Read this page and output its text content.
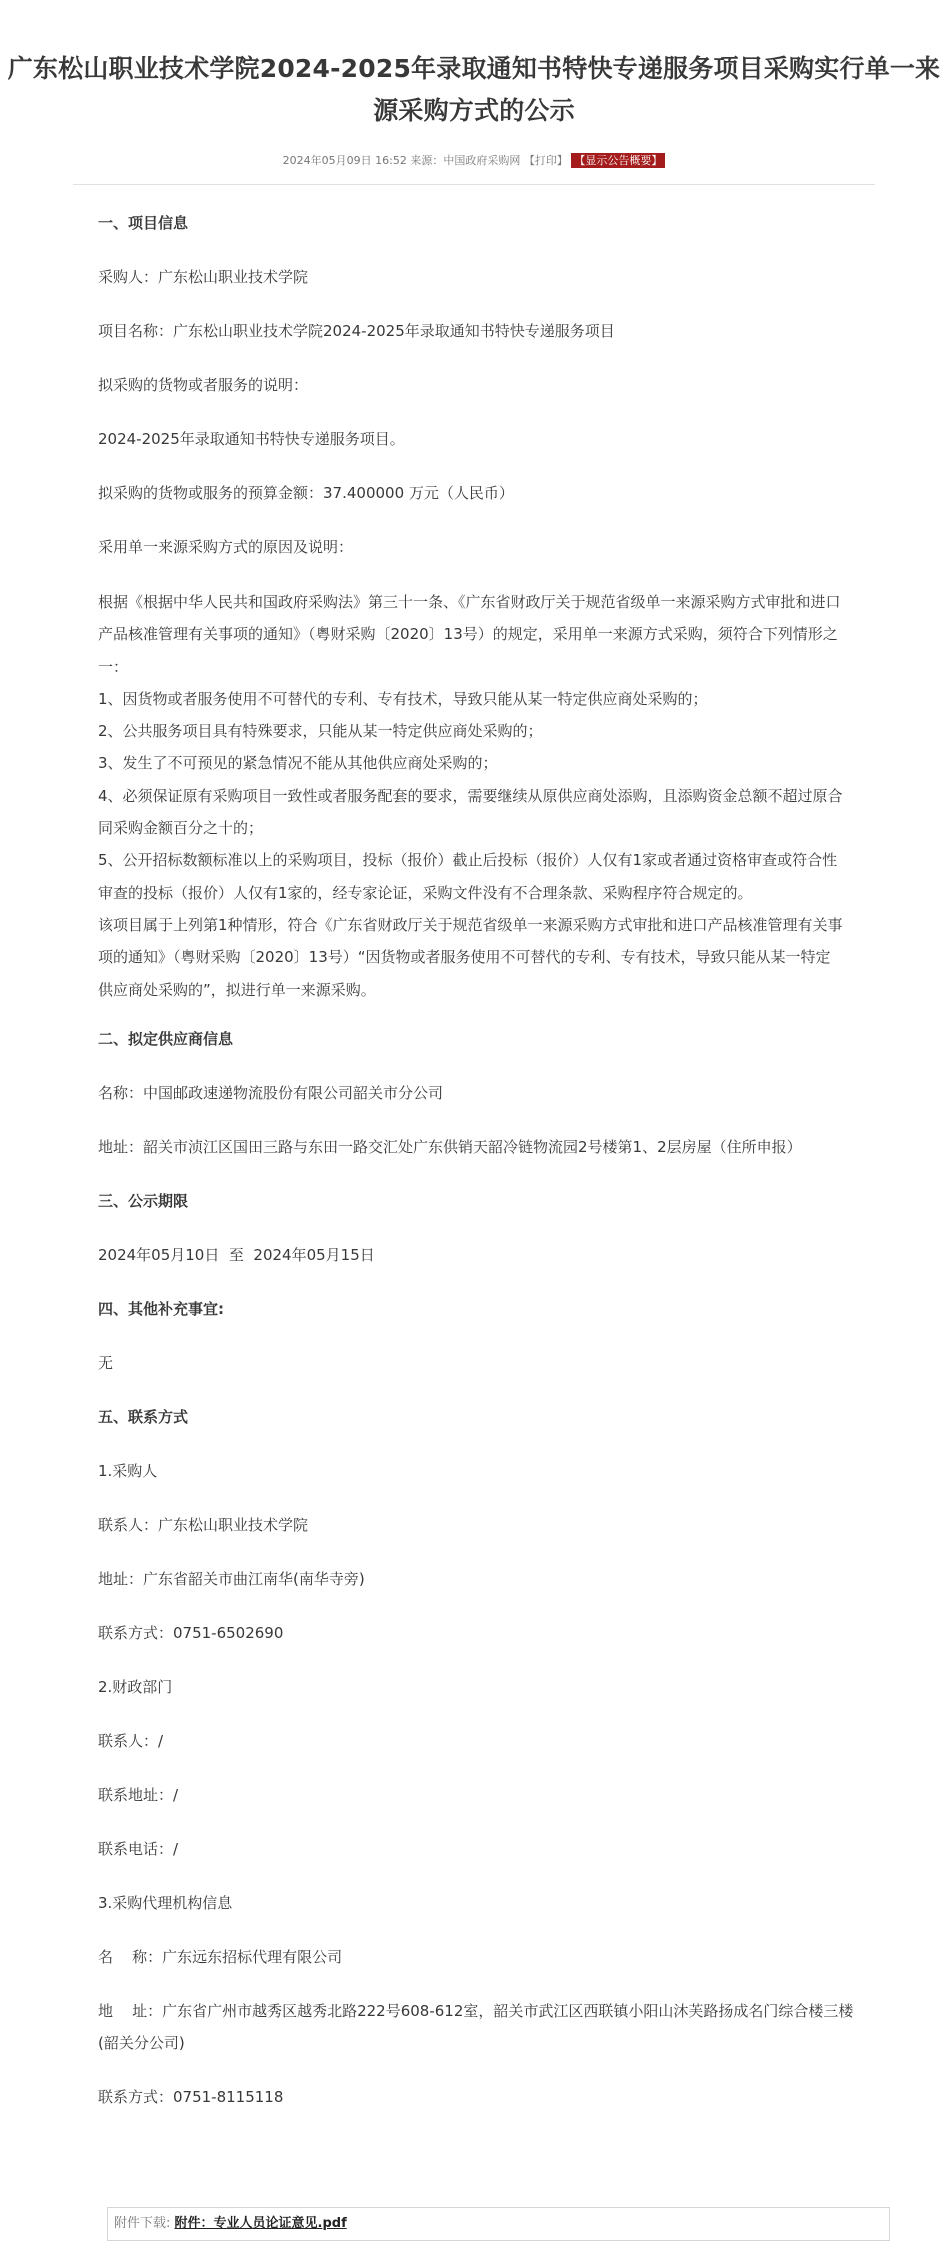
广东松山职业技术学院2024-2025年录取通知书特快专递服务项目采购实行单一来
源采购方式的公示
2024年05月09日 16:52 来源：中国政府采购网 【打印】 【显示公告概要】
一、项目信息
采购人：广东松山职业技术学院
项目名称：广东松山职业技术学院2024-2025年录取通知书特快专递服务项目
拟采购的货物或者服务的说明：
2024-2025年录取通知书特快专递服务项目。
拟采购的货物或服务的预算金额：37.400000 万元（人民币）
采用单一来源采购方式的原因及说明：
根据《根据中华人民共和国政府采购法》第三十一条、《广东省财政厅关于规范省级单一来源采购方式审批和进口
产品核准管理有关事项的通知》（粤财采购〔2020〕13号）的规定，采用单一来源方式采购，须符合下列情形之
一：
1、因货物或者服务使用不可替代的专利、专有技术，导致只能从某一特定供应商处采购的；
2、公共服务项目具有特殊要求，只能从某一特定供应商处采购的；
3、发生了不可预见的紧急情况不能从其他供应商处采购的；
4、必须保证原有采购项目一致性或者服务配套的要求，需要继续从原供应商处添购，且添购资金总额不超过原合
同采购金额百分之十的；
5、公开招标数额标准以上的采购项目，投标（报价）截止后投标（报价）人仅有1家或者通过资格审查或符合性
审查的投标（报价）人仅有1家的，经专家论证，采购文件没有不合理条款、采购程序符合规定的。
该项目属于上列第1种情形，符合《广东省财政厅关于规范省级单一来源采购方式审批和进口产品核准管理有关事
项的通知》（粤财采购〔2020〕13号）“因货物或者服务使用不可替代的专利、专有技术，导致只能从某一特定
供应商处采购的”，拟进行单一来源采购。
二、拟定供应商信息
名称：中国邮政速递物流股份有限公司韶关市分公司
地址：韶关市浈江区国田三路与东田一路交汇处广东供销天韶冷链物流园2号楼第1、2层房屋（住所申报）
三、公示期限
2024年05月10日  至  2024年05月15日
四、其他补充事宜:
无
五、联系方式
1.采购人
联系人：广东松山职业技术学院
地址：广东省韶关市曲江南华(南华寺旁)
联系方式：0751-6502690
2.财政部门
联系人：/
联系地址：/
联系电话：/
3.采购代理机构信息
名    称：广东远东招标代理有限公司
地    址：广东省广州市越秀区越秀北路222号608-612室，韶关市武江区西联镇小阳山沐芙路扬成名门综合楼三楼
(韶关分公司)
联系方式：0751-8115118
附件下载: 附件：专业人员论证意见.pdf
